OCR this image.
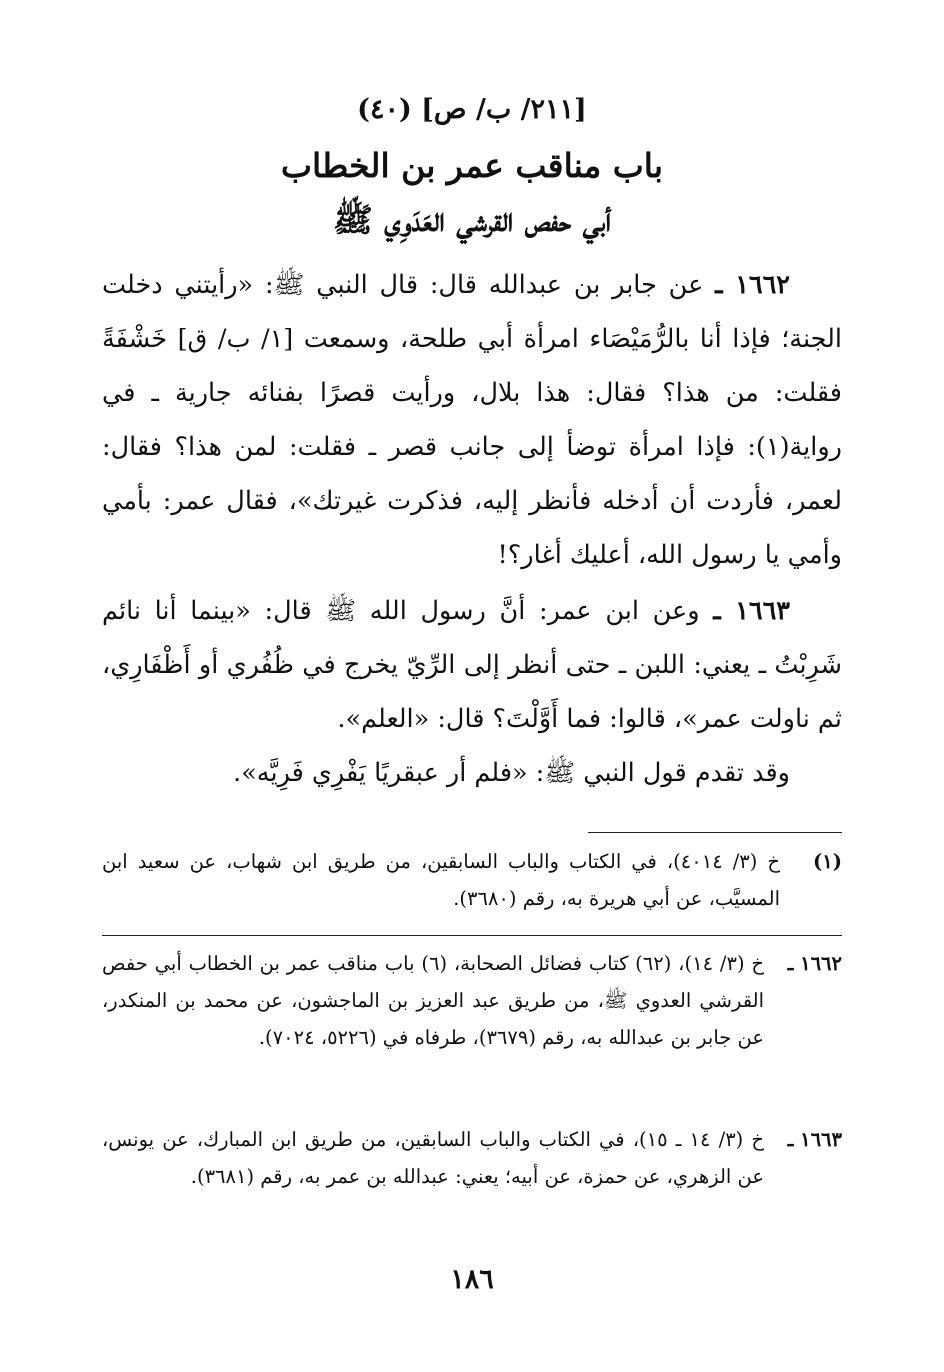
[٢١١/ ب/ ص] (٤٠)
باب مناقب عمر بن الخطاب
أبي حفص القرشي العَدَوِي ﷺ

١٦٦٢ ـ عن جابر بن عبدالله قال: قال النبي ﷺ: «رأيتني دخلت الجنة؛ فإذا أنا بالرُّمَيْصَاء امرأة أبي طلحة، وسمعت [١/ ب/ ق] خَشْفَةً فقلت: من هذا؟ فقال: هذا بلال، ورأيت قصرًا بفنائه جارية ـ في رواية(١): فإذا امرأة توضأ إلى جانب قصر ـ فقلت: لمن هذا؟ فقال: لعمر، فأردت أن أدخله فأنظر إليه، فذكرت غيرتك»، فقال عمر: بأمي وأمي يا رسول الله، أعليك أغار؟!

١٦٦٣ ـ وعن ابن عمر: أنَّ رسول الله ﷺ قال: «بينما أنا نائم شَرِبْتُ ـ يعني: اللبن ـ حتى أنظر إلى الرِّيّ يخرج في ظُفُري أو أَظْفَارِي، ثم ناولت عمر»، قالوا: فما أَوَّلْتَ؟ قال: «العلم».

وقد تقدم قول النبي ﷺ: «فلم أر عبقريًا يَفْرِي فَرِيَّه».

(١)
خ (٣/ ٤٠١٤)، في الكتاب والباب السابقين، من طريق ابن شهاب، عن سعيد ابن المسيَّب، عن أبي هريرة به، رقم (٣٦٨٠).
١٦٦٢ ـ
خ (٣/ ١٤)، (٦٢) كتاب فضائل الصحابة، (٦) باب مناقب عمر بن الخطاب أبي حفص القرشي العدوي ﷺ، من طريق عبد العزيز بن الماجشون، عن محمد بن المنكدر، عن جابر بن عبدالله به، رقم (٣٦٧٩)، طرفاه في (٥٢٢٦، ٧٠٢٤).
١٦٦٣ ـ
خ (٣/ ١٤ ـ ١٥)، في الكتاب والباب السابقين، من طريق ابن المبارك، عن يونس، عن الزهري، عن حمزة، عن أبيه؛ يعني: عبدالله بن عمر به، رقم (٣٦٨١).
١٨٦
